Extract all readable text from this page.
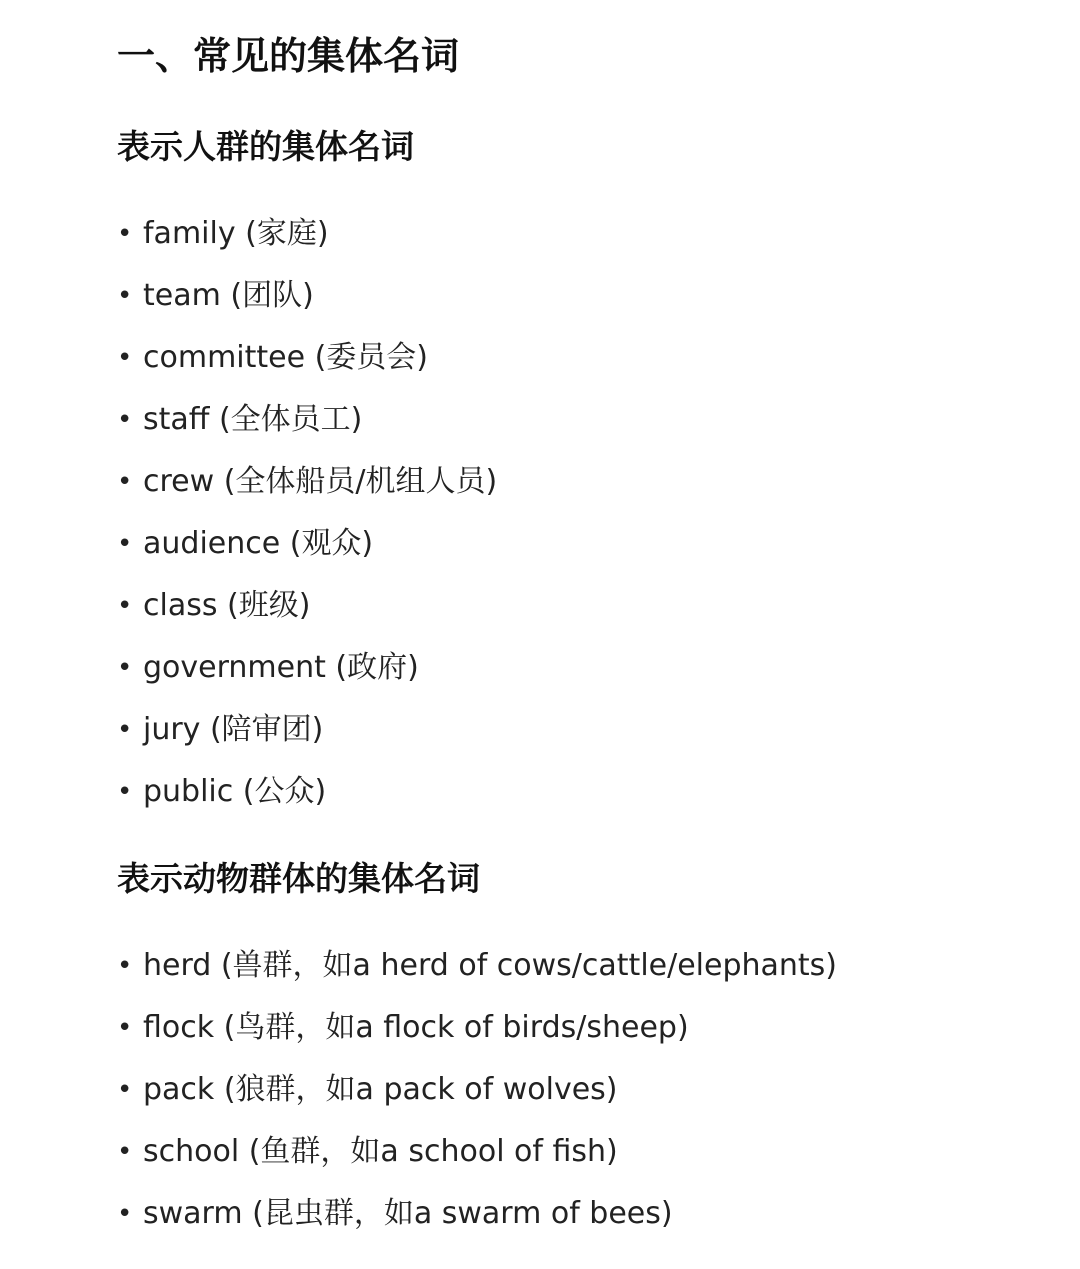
一、常见的集体名词
表示人群的集体名词
• family (家庭)
• team (团队)
• committee (委员会)
• staff (全体员工)
• crew (全体船员/机组人员)
• audience (观众)
• class (班级)
• government (政府)
• jury (陪审团)
• public (公众)
表示动物群体的集体名词
• herd (兽群，如a herd of cows/cattle/elephants)
• flock (鸟群，如a flock of birds/sheep)
• pack (狼群，如a pack of wolves)
• school (鱼群，如a school of fish)
• swarm (昆虫群，如a swarm of bees)
